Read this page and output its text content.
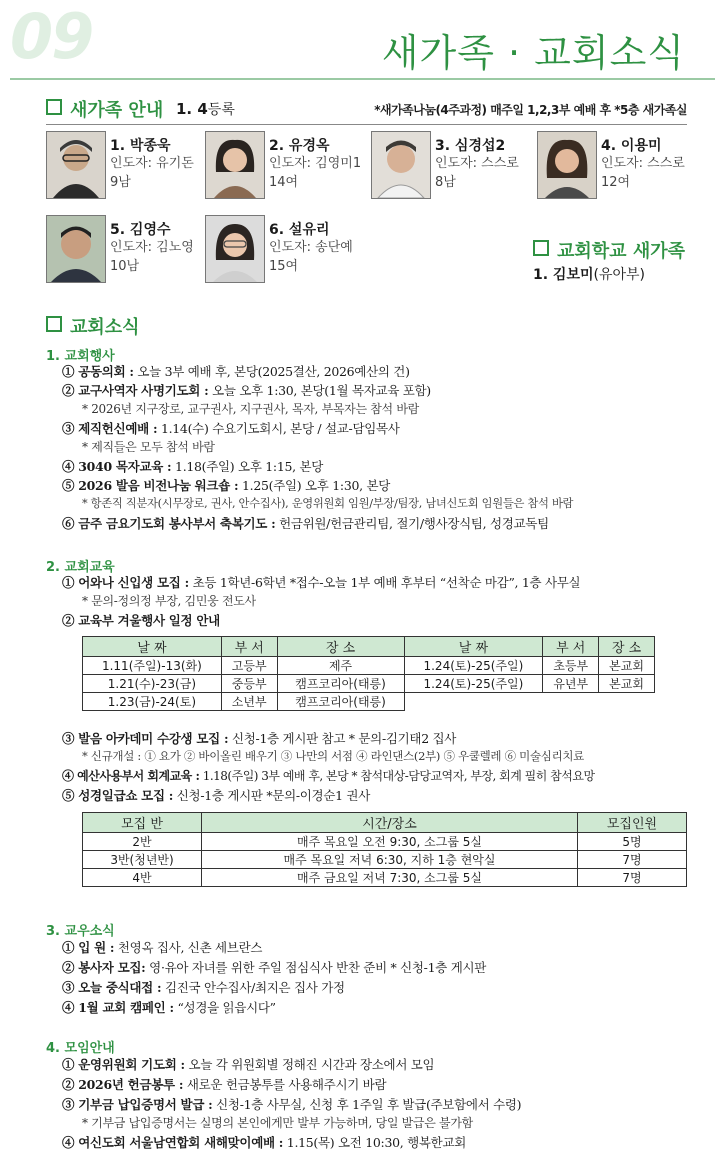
09	새가족 · 교회소식
새가족 안내 1. 4등록	*새가족나눔(4주과정) 매주일 1,2,3부 예배 후 *5층 새가족실
1. 박종욱
인도자: 유기돈
9남
2. 유경옥
인도자: 김영미1
14여
3. 심경섭2
인도자: 스스로
8남
4. 이용미
인도자: 스스로
12여
5. 김영수
인도자: 김노영
10남
6. 설유리
인도자: 송단예
15여
교회학교 새가족
1. 김보미(유아부)
교회소식
1. 교회행사
① 공동의회 : 오늘 3부 예배 후, 본당(2025결산, 2026예산의 건)
② 교구사역자 사명기도회 : 오늘 오후 1:30, 본당(1월 목자교육 포함)
* 2026년 지구장로, 교구권사, 지구권사, 목자, 부목자는 참석 바람
③ 제직헌신예배 : 1.14(수) 수요기도회시, 본당 / 설교-담임목사
* 제직들은 모두 참석 바람
④ 3040 목자교육 : 1.18(주일) 오후 1:15, 본당
⑤ 2026 발음 비전나눔 워크숍 : 1.25(주일) 오후 1:30, 본당
* 항존직 직분자(시무장로, 권사, 안수집사), 운영위원회 임원/부장/팀장, 남녀신도회 임원들은 참석 바람
⑥ 금주 금요기도회 봉사부서 축복기도 : 헌금위원/헌금관리팀, 절기/행사장식팀, 성경교독팀
2. 교회교육
① 어와나 신입생 모집 : 초등 1학년-6학년 *접수-오늘 1부 예배 후부터 “선착순 마감”, 1층 사무실
* 문의-정의정 부장, 김민웅 전도사
② 교육부 겨울행사 일정 안내
날 짜	부 서	장 소	날 짜	부 서	장 소
1.11(주일)-13(화)	고등부	제주	1.24(토)-25(주일)	초등부	본교회
1.21(수)-23(금)	중등부	캠프코리아(태릉)	1.24(토)-25(주일)	유년부	본교회
1.23(금)-24(토)	소년부	캠프코리아(태릉)			
③ 발음 아카데미 수강생 모집 : 신청-1층 게시판 참고 * 문의-김기태2 집사
* 신규개설 : ① 요가 ② 바이올린 배우기 ③ 나만의 서점 ④ 라인댄스(2부) ⑤ 우쿨렐레 ⑥ 미술심리치료
④ 예산사용부서 회계교육 : 1.18(주일) 3부 예배 후, 본당 * 참석대상-담당교역자, 부장, 회계 필히 참석요망
⑤ 성경일급쇼 모집 : 신청-1층 게시판 *문의-이경순1 권사
모집 반	시간/장소	모집인원
2반	매주 목요일 오전 9:30, 소그룹 5실	5명
3반(청년반)	매주 목요일 저녁 6:30, 지하 1층 현악실	7명
4반	매주 금요일 저녁 7:30, 소그룹 5실	7명
3. 교우소식
① 입 원 : 천영옥 집사, 신촌 세브란스
② 봉사자 모집: 영·유아 자녀를 위한 주일 점심식사 반찬 준비 * 신청-1층 게시판
③ 오늘 중식대접 : 김진국 안수집사/최지은 집사 가정
④ 1월 교회 캠페인 : “성경을 읽읍시다”
4. 모임안내
① 운영위원회 기도회 : 오늘 각 위원회별 정해진 시간과 장소에서 모임
② 2026년 헌금봉투 : 새로운 헌금봉투를 사용해주시기 바람
③ 기부금 납입증명서 발급 : 신청-1층 사무실, 신청 후 1주일 후 발급(주보함에서 수령)
* 기부금 납입증명서는 실명의 본인에게만 발부 가능하며, 당일 발급은 불가함
④ 여신도회 서울남연합회 새해맞이예배 : 1.15(목) 오전 10:30, 행복한교회
